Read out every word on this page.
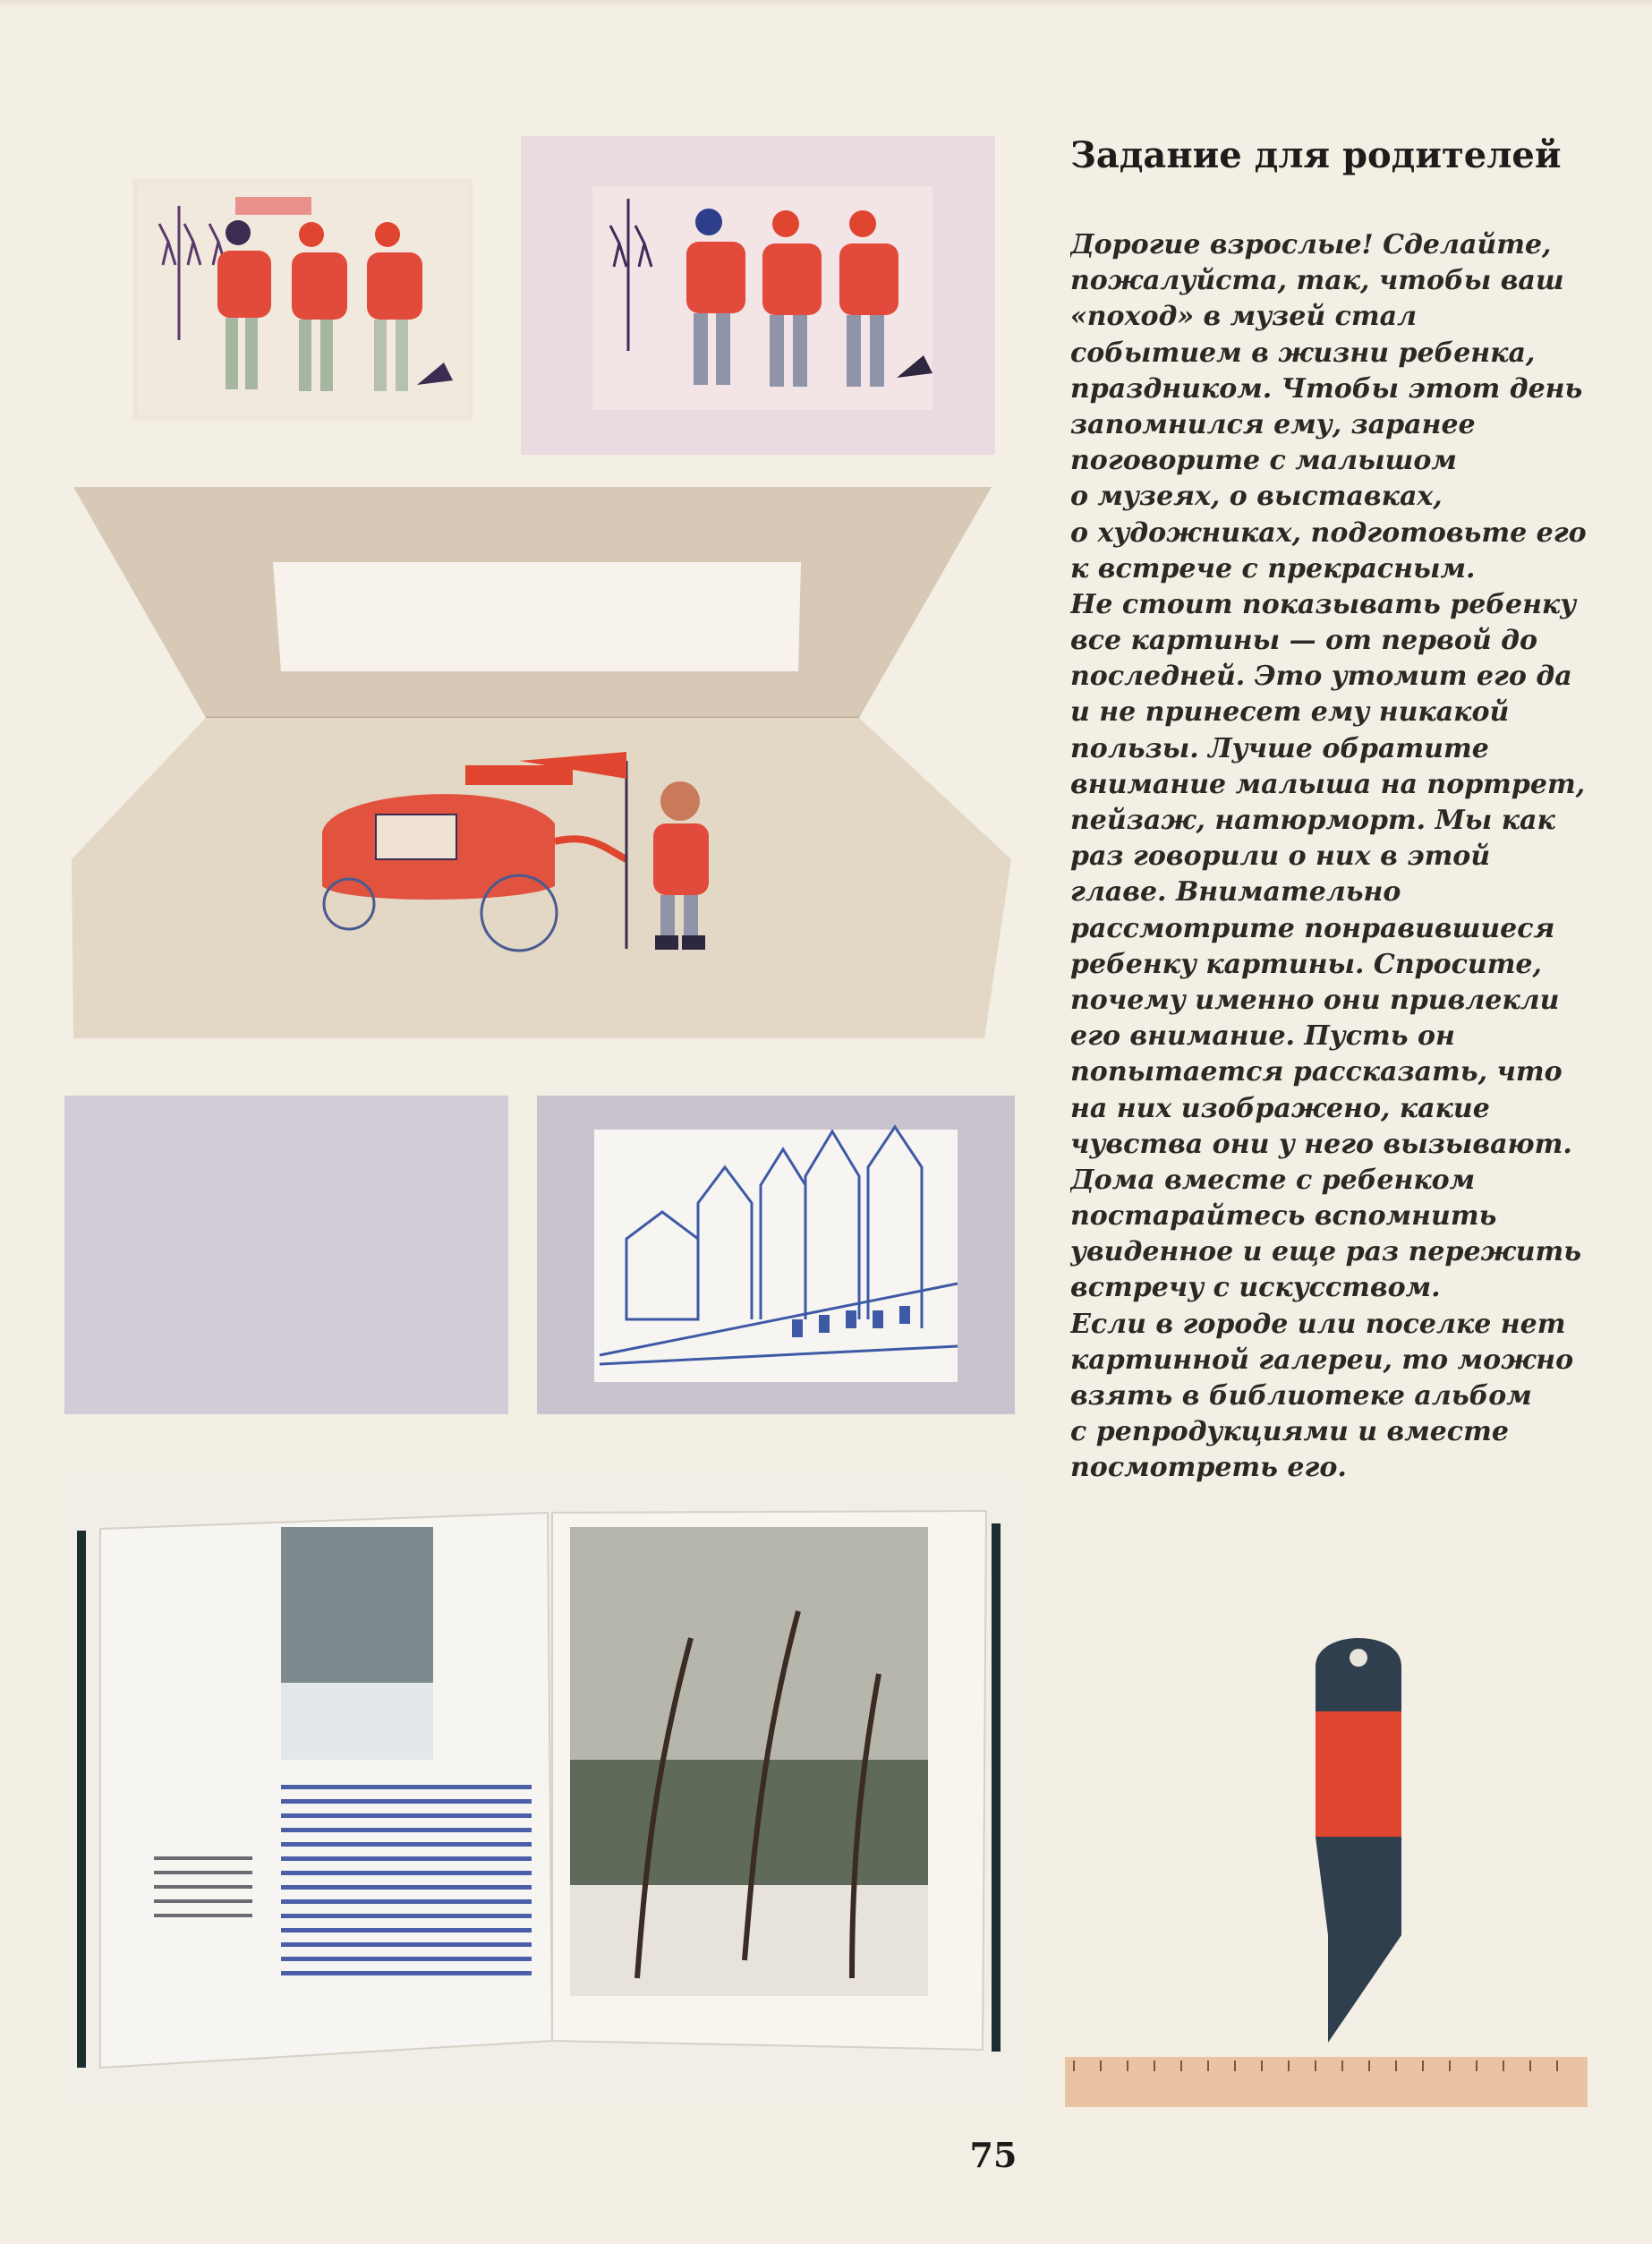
Задание для родителей
Дорогие взрослые! Сделайте,
пожалуйста, так, чтобы ваш
«поход» в музей стал
событием в жизни ребенка,
праздником. Чтобы этот день
запомнился ему, заранее
поговорите с малышом
о музеях, о выставках,
о художниках, подготовьте его
к встрече с прекрасным.
Не стоит показывать ребенку
все картины — от первой до
последней. Это утомит его да
и не принесет ему никакой
пользы. Лучше обратите
внимание малыша на портрет,
пейзаж, натюрморт. Мы как
раз говорили о них в этой
главе. Внимательно
рассмотрите понравившиеся
ребенку картины. Спросите,
почему именно они привлекли
его внимание. Пусть он
попытается рассказать, что
на них изображено, какие
чувства они у него вызывают.
Дома вместе с ребенком
постарайтесь вспомнить
увиденное и еще раз пережить
встречу с искусством.
Если в городе или поселке нет
картинной галереи, то можно
взять в библиотеке альбом
с репродукциями и вместе
посмотреть его.
75
